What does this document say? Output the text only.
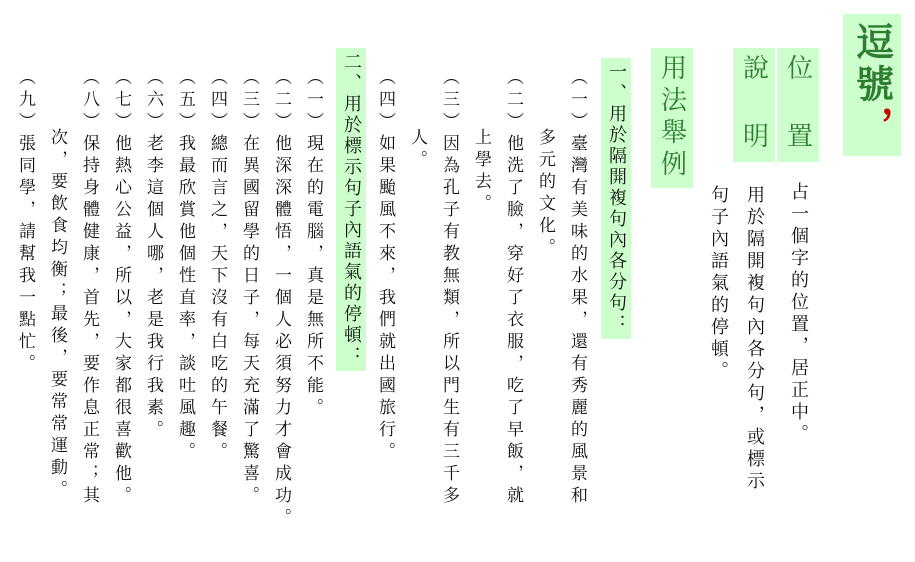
逗號
，
位　置

占一個字的位置，居正中。

說　明

用於隔開複句內各分句，或標示

句子內語氣的停頓。

用法舉例
一、用於隔開複句內各分句：

（一）臺灣有美味的水果，還有秀麗的風景和

多元的文化。

（二）他洗了臉，穿好了衣服，吃了早飯，就

上學去。

（三）因為孔子有教無類，所以門生有三千多

人。

（四）如果颱風不來，我們就出國旅行。

二、用於標示句子內語氣的停頓：

（一）現在的電腦，真是無所不能。

（二）他深深體悟，一個人必須努力才會成功。

（三）在異國留學的日子，每天充滿了驚喜。

（四）總而言之，天下沒有白吃的午餐。

（五）我最欣賞他個性直率，談吐風趣。

（六）老李這個人哪，老是我行我素。

（七）他熱心公益，所以，大家都很喜歡他。

（八）保持身體健康，首先，要作息正常；其

次，要飲食均衡；最後，要常常運動。

（九）張同學，請幫我一點忙。
